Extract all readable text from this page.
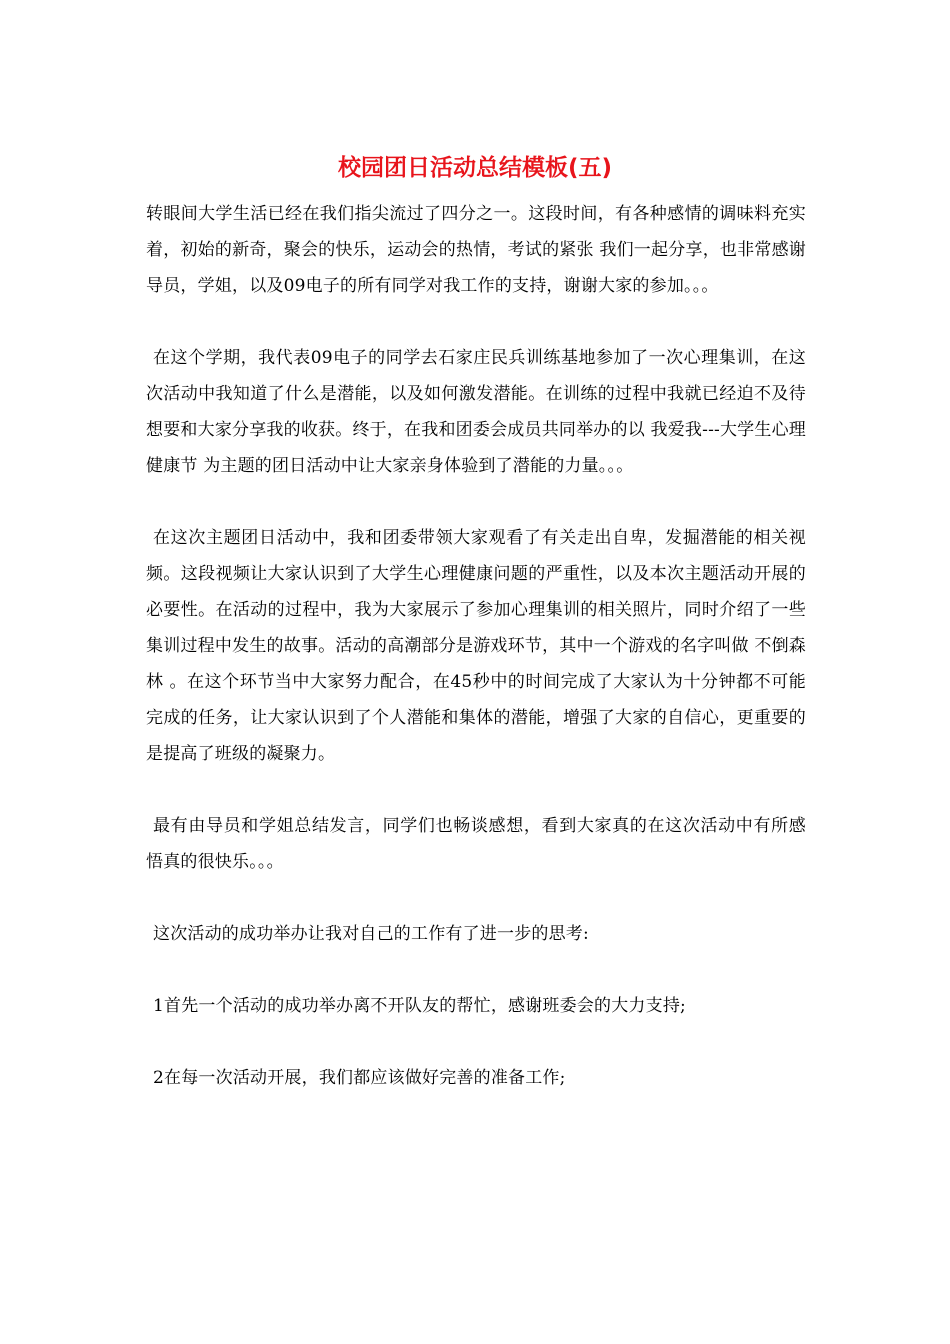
校园团日活动总结模板(五)

转眼间大学生活已经在我们指尖流过了四分之一。这段时间，有各种感情的调味料充实着，初始的新奇，聚会的快乐，运动会的热情，考试的紧张 我们一起分享，也非常感谢导员，学姐，以及09电子的所有同学对我工作的支持，谢谢大家的参加。。。

在这个学期，我代表09电子的同学去石家庄民兵训练基地参加了一次心理集训，在这次活动中我知道了什么是潜能，以及如何激发潜能。在训练的过程中我就已经迫不及待想要和大家分享我的收获。终于，在我和团委会成员共同举办的以 我爱我---大学生心理健康节 为主题的团日活动中让大家亲身体验到了潜能的力量。。。

在这次主题团日活动中，我和团委带领大家观看了有关走出自卑，发掘潜能的相关视频。这段视频让大家认识到了大学生心理健康问题的严重性，以及本次主题活动开展的必要性。在活动的过程中，我为大家展示了参加心理集训的相关照片，同时介绍了一些集训过程中发生的故事。活动的高潮部分是游戏环节，其中一个游戏的名字叫做 不倒森林 。在这个环节当中大家努力配合，在45秒中的时间完成了大家认为十分钟都不可能完成的任务，让大家认识到了个人潜能和集体的潜能，增强了大家的自信心，更重要的是提高了班级的凝聚力。

最有由导员和学姐总结发言，同学们也畅谈感想，看到大家真的在这次活动中有所感悟真的很快乐。。。

这次活动的成功举办让我对自己的工作有了进一步的思考:

1首先一个活动的成功举办离不开队友的帮忙，感谢班委会的大力支持;

2在每一次活动开展，我们都应该做好完善的准备工作;
